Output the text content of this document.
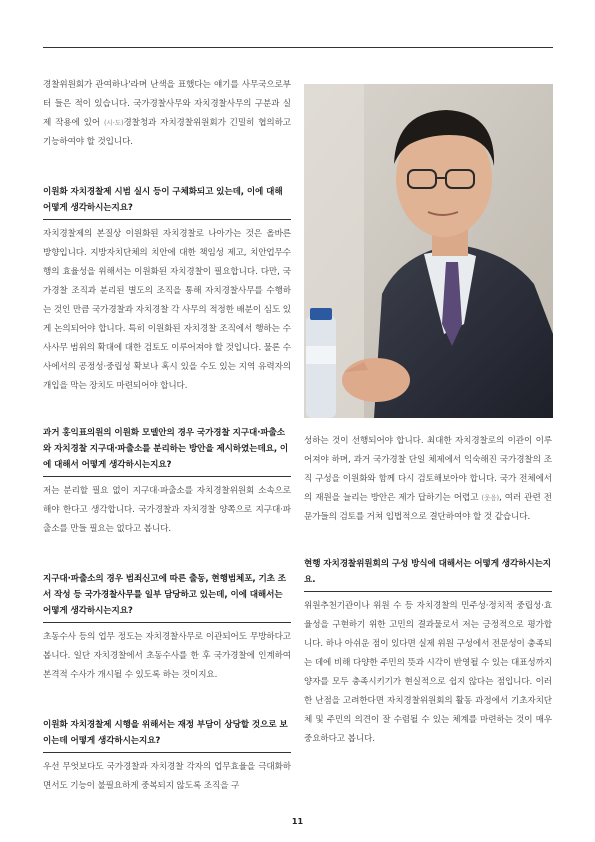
경찰위원회가 관여하나'라며 난색을 표했다는 얘기를 사무국으로부터 들은 적이 있습니다. 국가경찰사무와 자치경찰사무의 구분과 실제 작용에 있어 (시·도)경찰청과 자치경찰위원회가 긴밀히 협의하고 기능하여야 할 것입니다.

이원화 자치경찰제 시범 실시 등이 구체화되고 있는데, 이에 대해 어떻게 생각하시는지요?

자치경찰제의 본질상 이원화된 자치경찰로 나아가는 것은 올바른 방향입니다. 지방자치단체의 치안에 대한 책임성 제고, 치안업무수행의 효율성을 위해서는 이원화된 자치경찰이 필요합니다. 다만, 국가경찰 조직과 분리된 별도의 조직을 통해 자치경찰사무를 수행하는 것인 만큼 국가경찰과 자치경찰 각 사무의 적정한 배분이 심도 있게 논의되어야 합니다. 특히 이원화된 자치경찰 조직에서 행하는 수사사무 범위의 확대에 대한 검토도 이루어져야 할 것입니다. 물론 수사에서의 공정성·중립성 확보나 혹시 있을 수도 있는 지역 유력자의 개입을 막는 장치도 마련되어야 합니다.

과거 홍익표의원의 이원화 모델안의 경우 국가경찰 지구대·파출소와 자치경찰 지구대·파출소를 분리하는 방안을 제시하였는데요, 이에 대해서 어떻게 생각하시는지요?

저는 분리할 필요 없이 지구대·파출소를 자치경찰위원회 소속으로 해야 한다고 생각합니다. 국가경찰과 자치경찰 양쪽으로 지구대·파출소를 만들 필요는 없다고 봅니다.

지구대·파출소의 경우 범죄신고에 따른 출동, 현행범체포, 기초 조서 작성 등 국가경찰사무를 일부 담당하고 있는데, 이에 대해서는 어떻게 생각하시는지요?

초동수사 등의 업무 정도는 자치경찰사무로 이관되어도 무방하다고 봅니다. 일단 자치경찰에서 초동수사를 한 후 국가경찰에 인계하여 본격적 수사가 개시될 수 있도록 하는 것이지요.

이원화 자치경찰제 시행을 위해서는 재정 부담이 상당할 것으로 보이는데 어떻게 생각하시는지요?

우선 무엇보다도 국가경찰과 자치경찰 각자의 업무효율을 극대화하면서도 기능이 불필요하게 중복되지 않도록 조직을 구

성하는 것이 선행되어야 합니다. 최대한 자치경찰로의 이관이 이루어져야 하며, 과거 국가경찰 단일 체제에서 익숙해진 국가경찰의 조직 구성을 이원화와 함께 다시 검토해보아야 합니다. 국가 전체에서의 재원을 늘리는 방안은 제가 답하기는 어렵고 (웃음), 여러 관련 전문가들의 검토를 거쳐 입법적으로 결단하여야 할 것 같습니다.

현행 자치경찰위원회의 구성 방식에 대해서는 어떻게 생각하시는지요.

위원추천기관이나 위원 수 등 자치경찰의 민주성·정치적 중립성·효율성을 구현하기 위한 고민의 결과물로서 저는 긍정적으로 평가합니다. 하나 아쉬운 점이 있다면 실제 위원 구성에서 전문성이 충족되는 데에 비해 다양한 주민의 뜻과 시각이 반영될 수 있는 대표성까지 양자를 모두 충족시키기가 현실적으로 쉽지 않다는 점입니다. 이러한 난점을 고려한다면 자치경찰위원회의 활동 과정에서 기초자치단체 및 주민의 의견이 잘 수렴될 수 있는 체계를 마련하는 것이 매우 중요하다고 봅니다.

11
